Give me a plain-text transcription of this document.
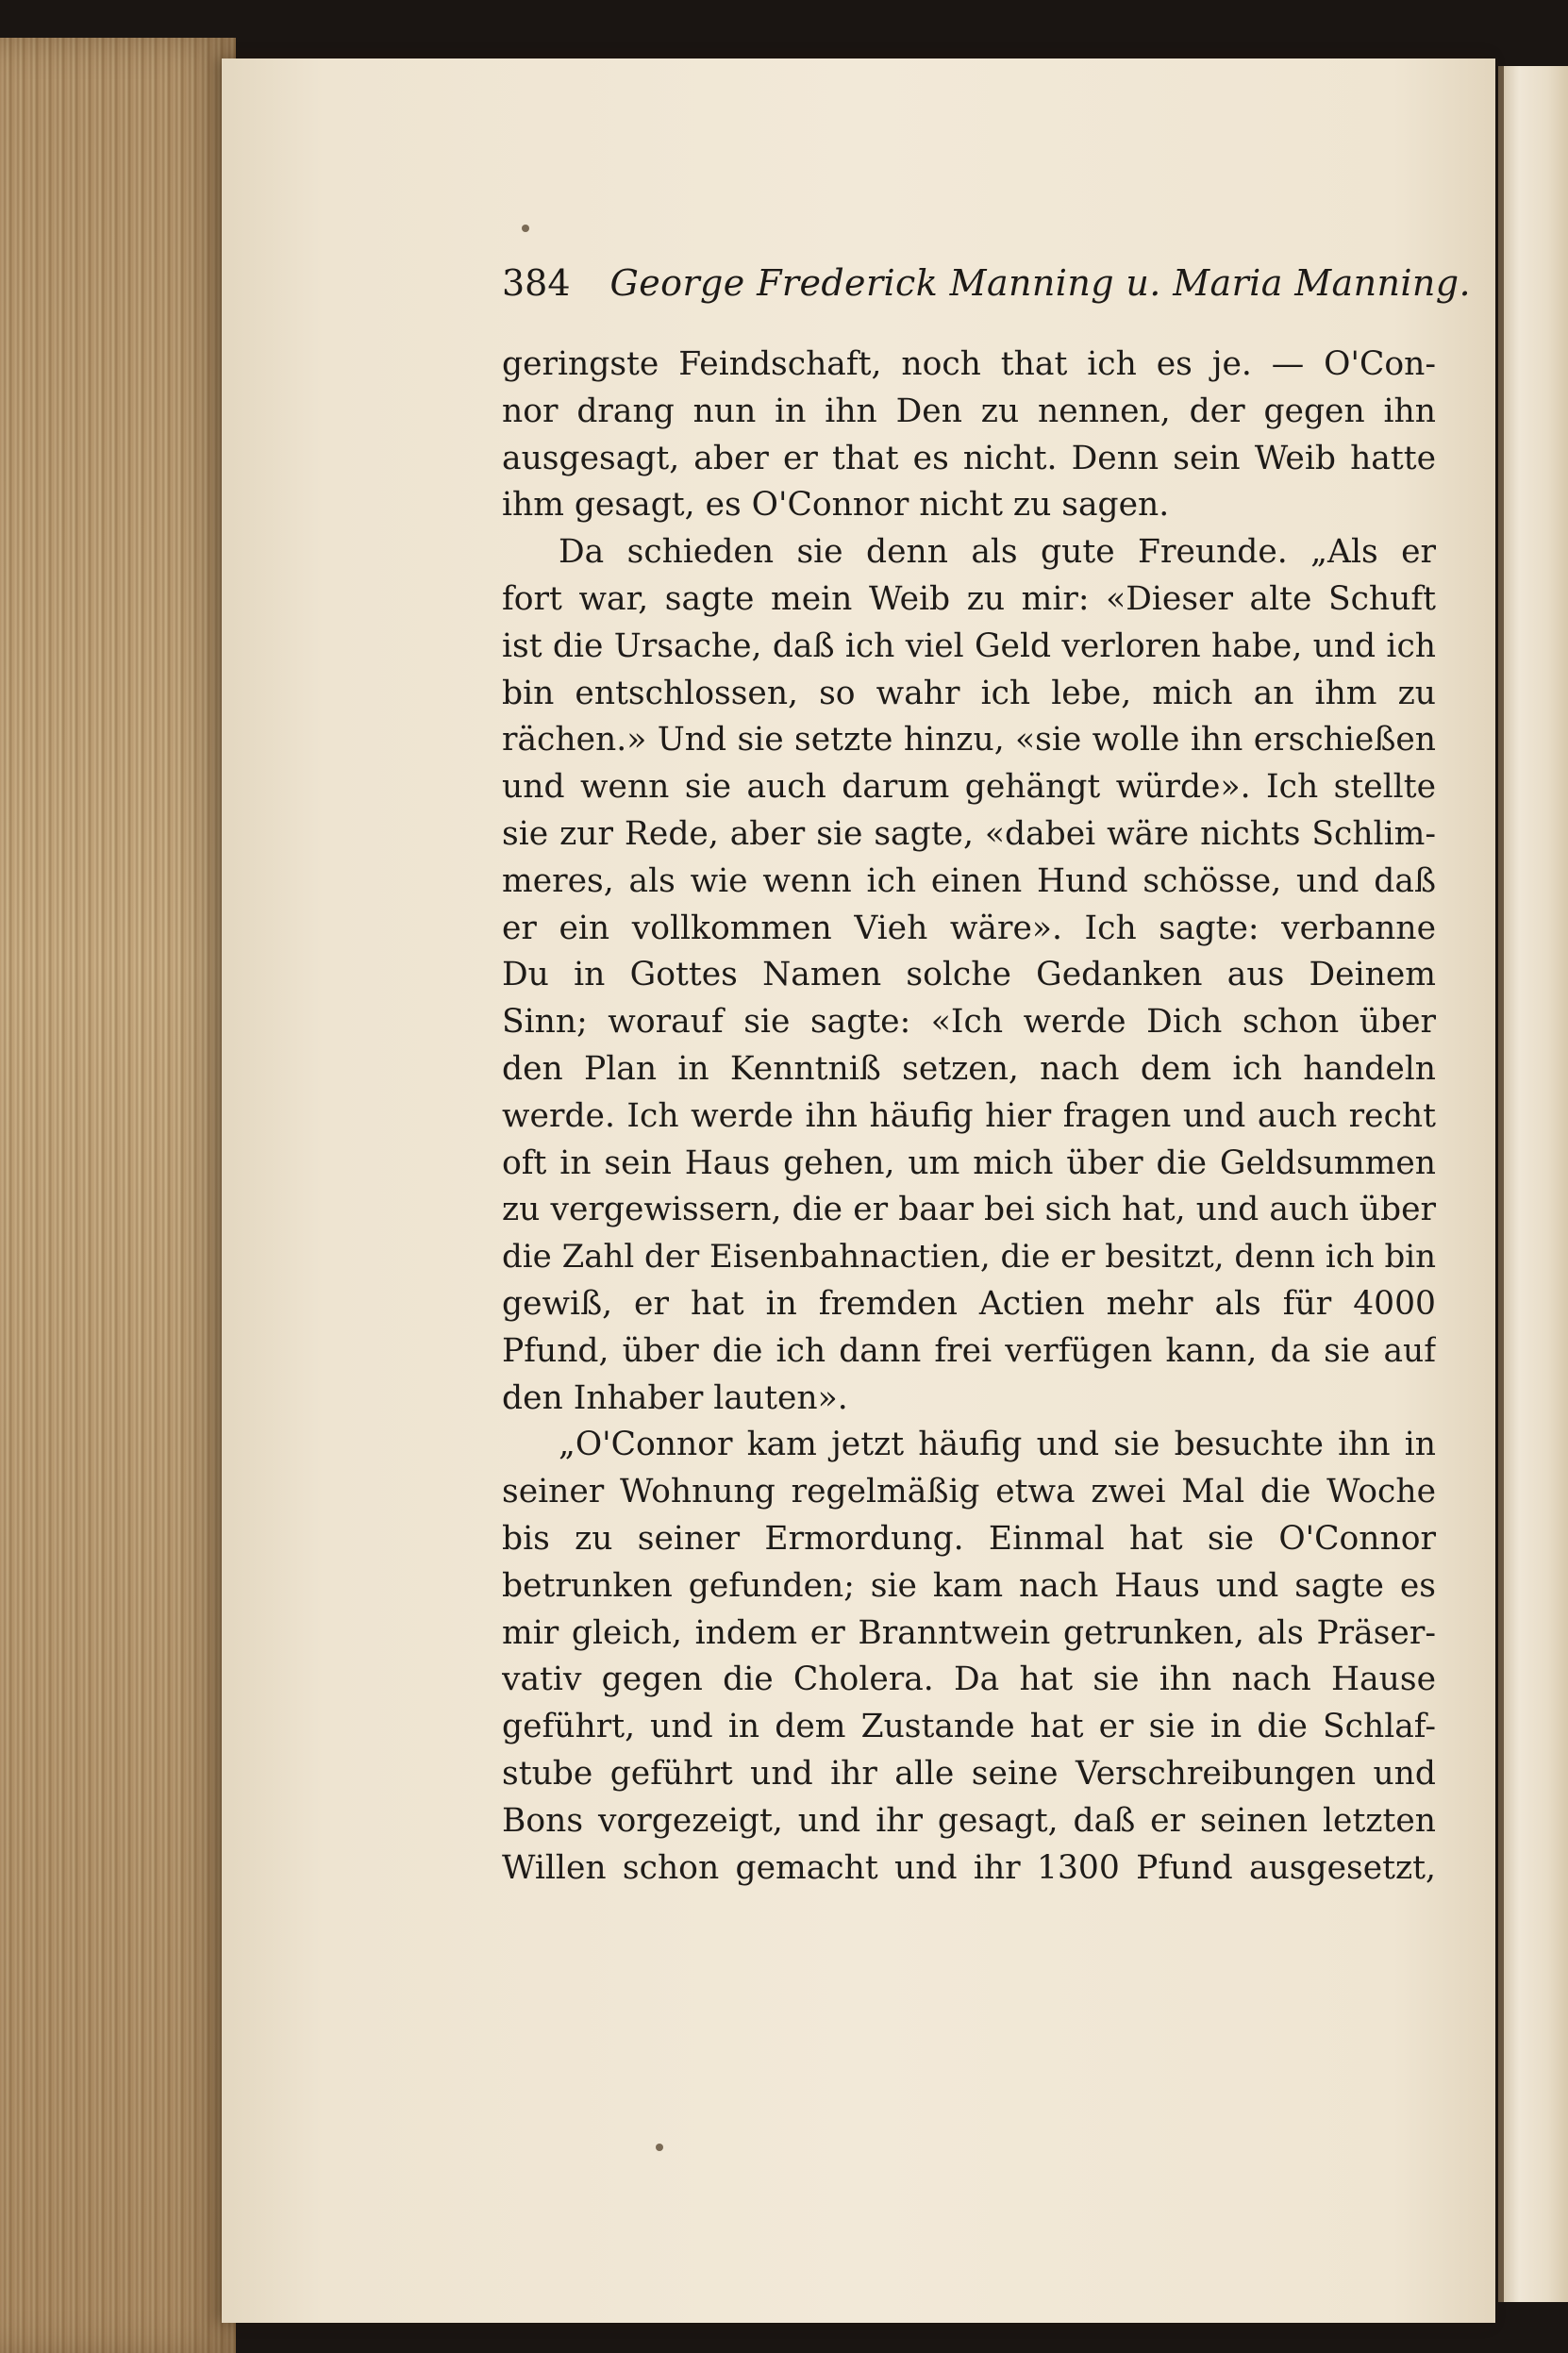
384 George Frederick Manning u. Maria Manning.
geringste Feindschaft, noch that ich es je. — O'Con-
nor drang nun in ihn Den zu nennen, der gegen ihn
ausgesagt, aber er that es nicht. Denn sein Weib hatte
ihm gesagt, es O'Connor nicht zu sagen.
Da schieden sie denn als gute Freunde. „Als er
fort war, sagte mein Weib zu mir: «Dieser alte Schuft
ist die Ursache, daß ich viel Geld verloren habe, und ich
bin entschlossen, so wahr ich lebe, mich an ihm zu
rächen.» Und sie setzte hinzu, «sie wolle ihn erschießen
und wenn sie auch darum gehängt würde». Ich stellte
sie zur Rede, aber sie sagte, «dabei wäre nichts Schlim-
meres, als wie wenn ich einen Hund schösse, und daß
er ein vollkommen Vieh wäre». Ich sagte: verbanne
Du in Gottes Namen solche Gedanken aus Deinem
Sinn; worauf sie sagte: «Ich werde Dich schon über
den Plan in Kenntniß setzen, nach dem ich handeln
werde. Ich werde ihn häufig hier fragen und auch recht
oft in sein Haus gehen, um mich über die Geldsummen
zu vergewissern, die er baar bei sich hat, und auch über
die Zahl der Eisenbahnactien, die er besitzt, denn ich bin
gewiß, er hat in fremden Actien mehr als für 4000
Pfund, über die ich dann frei verfügen kann, da sie auf
den Inhaber lauten».
„O'Connor kam jetzt häufig und sie besuchte ihn in
seiner Wohnung regelmäßig etwa zwei Mal die Woche
bis zu seiner Ermordung. Einmal hat sie O'Connor
betrunken gefunden; sie kam nach Haus und sagte es
mir gleich, indem er Branntwein getrunken, als Präser-
vativ gegen die Cholera. Da hat sie ihn nach Hause
geführt, und in dem Zustande hat er sie in die Schlaf-
stube geführt und ihr alle seine Verschreibungen und
Bons vorgezeigt, und ihr gesagt, daß er seinen letzten
Willen schon gemacht und ihr 1300 Pfund ausgesetzt,
